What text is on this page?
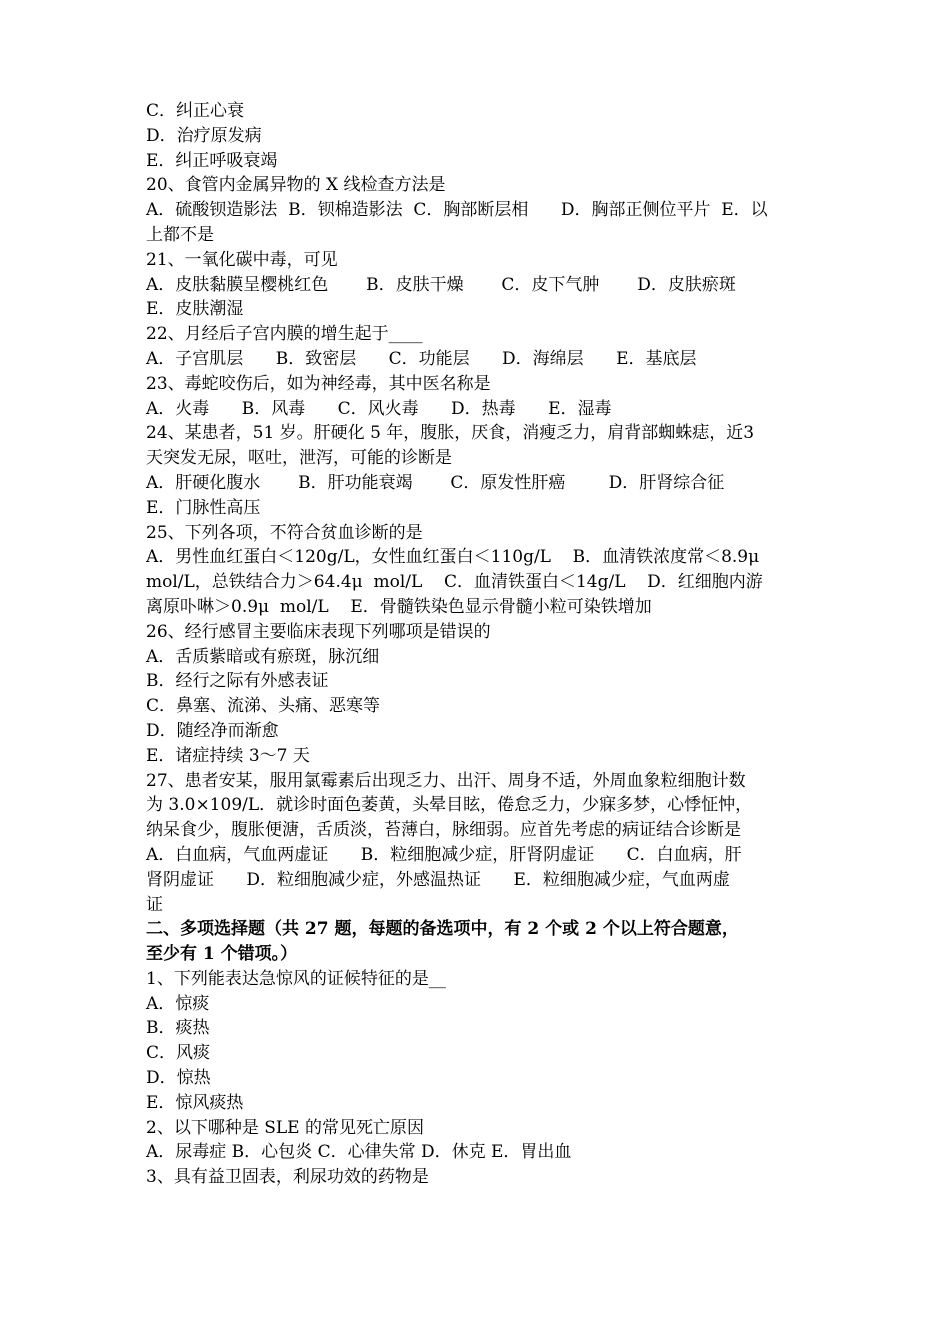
C．纠正心衰

D．治疗原发病

E．纠正呼吸衰竭

20、食管内金属异物的 X 线检查方法是

A．硫酸钡造影法  B．钡棉造影法  C．胸部断层相      D．胸部正侧位平片  E．以

上都不是

21、一氧化碳中毒，可见

A．皮肤黏膜呈樱桃红色       B．皮肤干燥       C．皮下气肿       D．皮肤瘀斑

E．皮肤潮湿

22、月经后子宫内膜的增生起于____

A．子宫肌层      B．致密层      C．功能层      D．海绵层      E．基底层

23、毒蛇咬伤后，如为神经毒，其中医名称是

A．火毒      B．风毒      C．风火毒      D．热毒      E．湿毒

24、某患者，51 岁。肝硬化 5 年，腹胀，厌食，消瘦乏力，肩背部蜘蛛痣，近3

天突发无尿，呕吐，泄泻，可能的诊断是

A．肝硬化腹水       B．肝功能衰竭       C．原发性肝癌        D．肝肾综合征

E．门脉性高压

25、下列各项，不符合贫血诊断的是

A．男性血红蛋白＜120g/L，女性血红蛋白＜110g/L    B．血清铁浓度常＜8.9μ

mol/L，总铁结合力＞64.4μ  mol/L    C．血清铁蛋白＜14g/L    D．红细胞内游

离原卟啉＞0.9μ  mol/L    E．骨髓铁染色显示骨髓小粒可染铁增加

26、经行感冒主要临床表现下列哪项是错误的

A．舌质紫暗或有瘀斑，脉沉细

B．经行之际有外感表证

C．鼻塞、流涕、头痛、恶寒等

D．随经净而渐愈

E．诸症持续 3～7 天

27、患者安某，服用氯霉素后出现乏力、出汗、周身不适，外周血象粒细胞计数

为 3.0×109/L．就诊时面色萎黄，头晕目眩，倦怠乏力，少寐多梦，心悸怔忡，

纳呆食少，腹胀便溏，舌质淡，苔薄白，脉细弱。应首先考虑的病证结合诊断是

A．白血病，气血两虚证      B．粒细胞减少症，肝肾阴虚证      C．白血病，肝

肾阴虚证      D．粒细胞减少症，外感温热证      E．粒细胞减少症，气血两虚

证

二、多项选择题（共 27 题，每题的备选项中，有 2 个或 2 个以上符合题意，

至少有 1 个错项。）

1、下列能表达急惊风的证候特征的是__

A．惊痰

B．痰热

C．风痰

D．惊热

E．惊风痰热

2、以下哪种是 SLE 的常见死亡原因

A．尿毒症 B．心包炎 C．心律失常 D．休克 E．胃出血

3、具有益卫固表，利尿功效的药物是
